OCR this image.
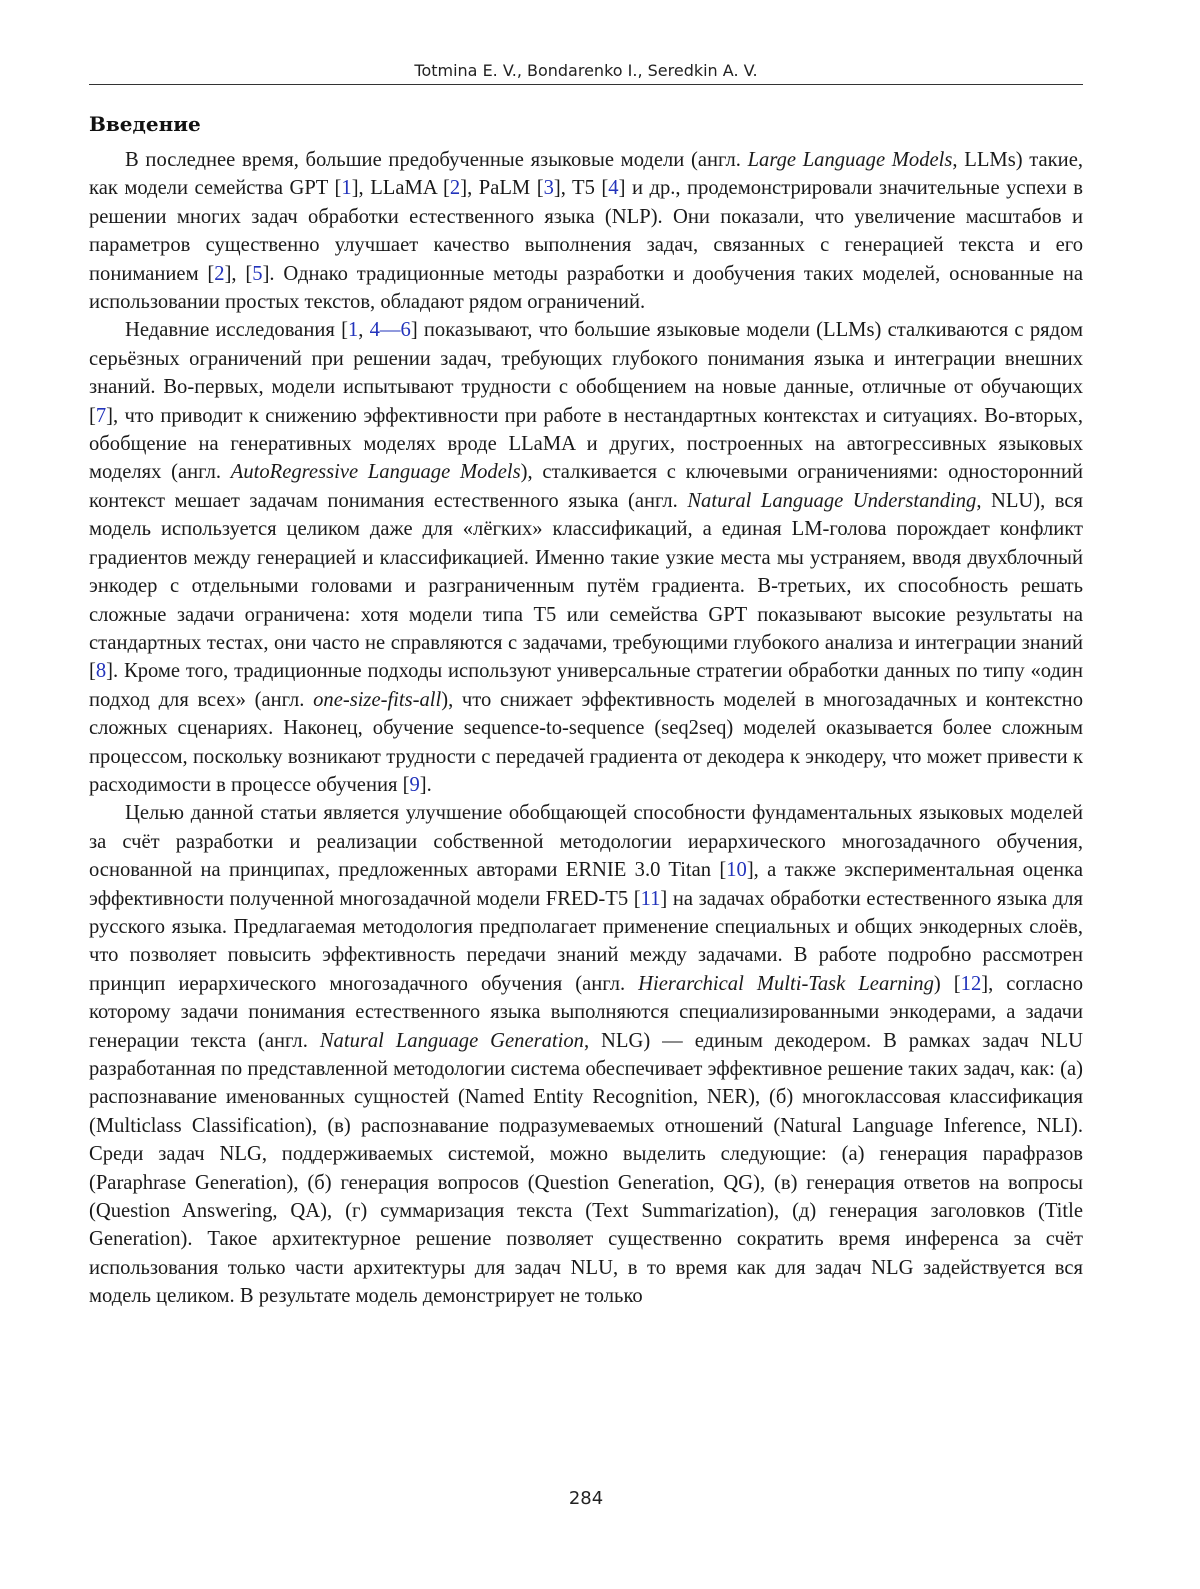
Totmina E. V., Bondarenko I., Seredkin A. V.
Введение

В последнее время, большие предобученные языковые модели (англ. Large Language Models, LLMs) такие, как модели семейства GPT [1], LLaMA [2], PaLM [3], T5 [4] и др., продемонстрировали значительные успехи в решении многих задач обработки естественного языка (NLP). Они показали, что увеличение масштабов и параметров существенно улучшает качество выполнения задач, связанных с генерацией текста и его пониманием [2], [5]. Однако традиционные методы разработки и дообучения таких моделей, основанные на использовании простых текстов, обладают рядом ограничений.

Недавние исследования [1, 4—6] показывают, что большие языковые модели (LLMs) сталкиваются с рядом серьёзных ограничений при решении задач, требующих глубокого понимания языка и интеграции внешних знаний. Во-первых, модели испытывают трудности с обобщением на новые данные, отличные от обучающих [7], что приводит к снижению эффективности при работе в нестандартных контекстах и ситуациях. Во-вторых, обобщение на генеративных моделях вроде LLaMA и других, построенных на автогрессивных языковых моделях (англ. AutoRegressive Language Models), сталкивается с ключевыми ограничениями: односторонний контекст мешает задачам понимания естественного языка (англ. Natural Language Understanding, NLU), вся модель используется целиком даже для «лёгких» классификаций, а единая LM-голова порождает конфликт градиентов между генерацией и классификацией. Именно такие узкие места мы устраняем, вводя двухблочный энкодер с отдельными головами и разграниченным путём градиента. В-третьих, их способность решать сложные задачи ограничена: хотя модели типа T5 или семейства GPT показывают высокие результаты на стандартных тестах, они часто не справляются с задачами, требующими глубокого анализа и интеграции знаний [8]. Кроме того, традиционные подходы используют универсальные стратегии обработки данных по типу «один подход для всех» (англ. one-size-fits-all), что снижает эффективность моделей в многозадачных и контекстно сложных сценариях. Наконец, обучение sequence-to-sequence (seq2seq) моделей оказывается более сложным процессом, поскольку возникают трудности с передачей градиента от декодера к энкодеру, что может привести к расходимости в процессе обучения [9].

Целью данной статьи является улучшение обобщающей способности фундаментальных языковых моделей за счёт разработки и реализации собственной методологии иерархического многозадачного обучения, основанной на принципах, предложенных авторами ERNIE 3.0 Titan [10], а также экспериментальная оценка эффективности полученной многозадачной модели FRED-T5 [11] на задачах обработки естественного языка для русского языка. Предлагаемая методология предполагает применение специальных и общих энкодерных слоёв, что позволяет повысить эффективность передачи знаний между задачами. В работе подробно рассмотрен принцип иерархического многозадачного обучения (англ. Hierarchical Multi-Task Learning) [12], согласно которому задачи понимания естественного языка выполняются специализированными энкодерами, а задачи генерации текста (англ. Natural Language Generation, NLG) — единым декодером. В рамках задач NLU разработанная по представленной методологии система обеспечивает эффективное решение таких задач, как: (а) распознавание именованных сущностей (Named Entity Recognition, NER), (б) многоклассовая классификация (Multiclass Classification), (в) распознавание подразумеваемых отношений (Natural Language Inference, NLI). Среди задач NLG, поддерживаемых системой, можно выделить следующие: (а) генерация парафразов (Paraphrase Generation), (б) генерация вопросов (Question Generation, QG), (в) генерация ответов на вопросы (Question Answering, QA), (г) суммаризация текста (Text Summarization), (д) генерация заголовков (Title Generation). Такое архитектурное решение позволяет существенно сократить время инференса за счёт использования только части архитектуры для задач NLU, в то время как для задач NLG задействуется вся модель целиком. В результате модель демонстрирует не только

284
